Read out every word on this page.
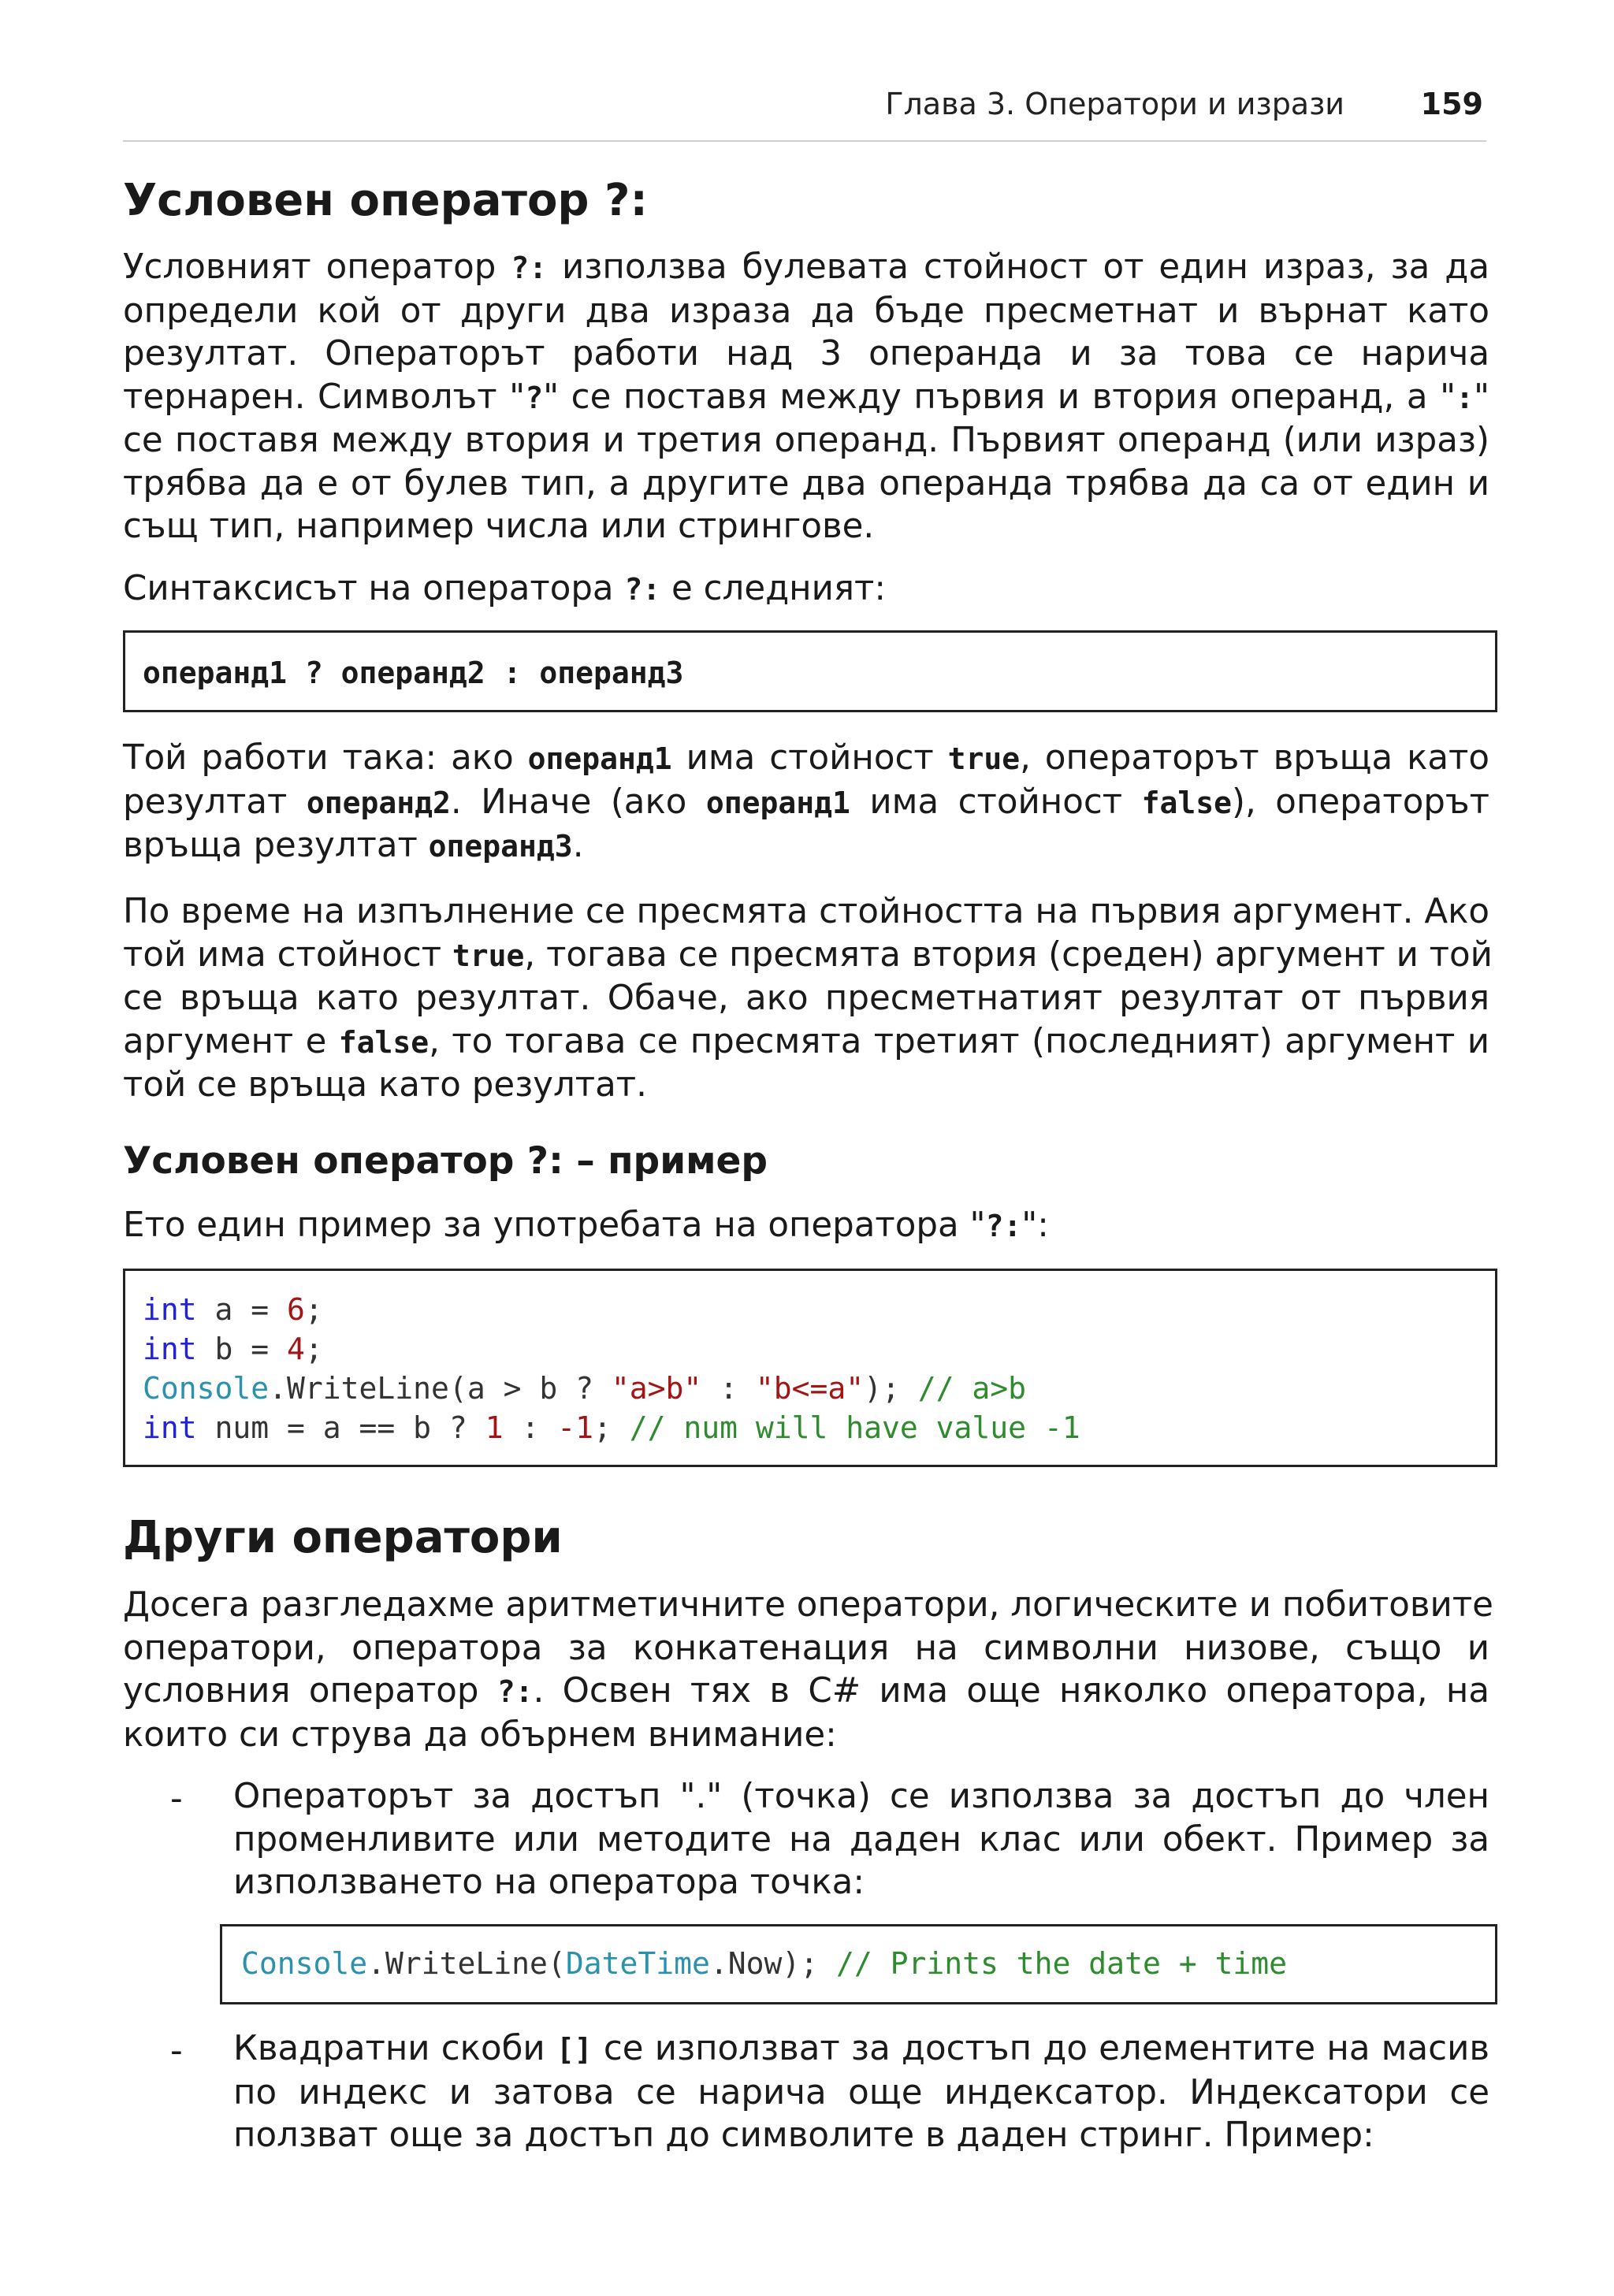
Глава 3. Оператори и изрази	159
Условен оператор ?:
Условният оператор ?: използва булевата стойност от един израз, за да
определи кой от други два израза да бъде пресметнат и върнат като
резултат. Операторът работи над 3 операнда и за това се нарича
тернарен. Символът "?" се поставя между първия и втория операнд, а ":"
се поставя между втория и третия операнд. Първият операнд (или израз)
трябва да е от булев тип, а другите два операнда трябва да са от един и
същ тип, например числа или стрингове.
Синтаксисът на оператора ?: е следният:
операнд1 ? операнд2 : операнд3
Той работи така: ако операнд1 има стойност true, операторът връща като
резултат операнд2. Иначе (ако операнд1 има стойност false), операторът
връща резултат операнд3.
По време на изпълнение се пресмята стойността на първия аргумент. Ако
той има стойност true, тогава се пресмята втория (среден) аргумент и той
се връща като резултат. Обаче, ако пресметнатият резултат от първия
аргумент е false, то тогава се пресмята третият (последният) аргумент и
той се връща като резултат.
Условен оператор ?: – пример
Ето един пример за употребата на оператора "?:":
int a = 6;
int b = 4;
Console.WriteLine(a > b ? "a>b" : "b<=a"); // a>b
int num = a == b ? 1 : -1; // num will have value -1
Други оператори
Досега разгледахме аритметичните оператори, логическите и побитовите
оператори, оператора за конкатенация на символни низове, също и
условния оператор ?:. Освен тях в C# има още няколко оператора, на
които си струва да обърнем внимание:
- Операторът за достъп "." (точка) се използва за достъп до член
променливите или методите на даден клас или обект. Пример за
използването на оператора точка:
Console.WriteLine(DateTime.Now); // Prints the date + time
- Квадратни скоби [] се използват за достъп до елементите на масив
по индекс и затова се нарича още индексатор. Индексатори се
ползват още за достъп до символите в даден стринг. Пример:
